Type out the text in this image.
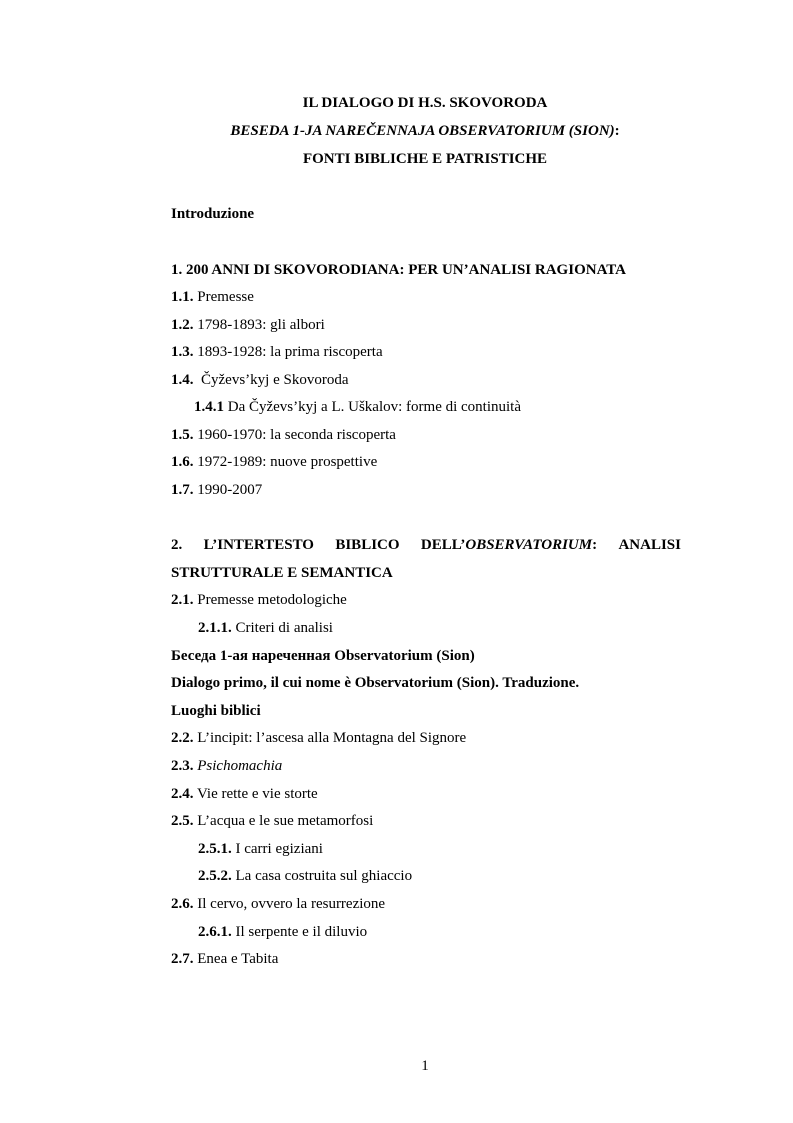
IL DIALOGO DI H.S. SKOVORODA
BESEDA 1-JA NAREČENNAJA OBSERVATORIUM (SION):
FONTI BIBLICHE E PATRISTICHE
Introduzione
1. 200 ANNI DI SKOVORODIANA: PER UN’ANALISI RAGIONATA
1.1. Premesse
1.2. 1798-1893: gli albori
1.3. 1893-1928: la prima riscoperta
1.4.  Čyževs’kyj e Skovoroda
1.4.1 Da Čyževs’kyj a L. Uškalov: forme di continuità
1.5. 1960-1970: la seconda riscoperta
1.6. 1972-1989: nuove prospettive
1.7. 1990-2007
2. L’INTERTESTO BIBLICO DELL’OBSERVATORIUM: ANALISI
STRUTTURALE E SEMANTICA
2.1. Premesse metodologiche
2.1.1. Criteri di analisi
Беседа 1-ая нареченная Observatorium (Sion)
Dialogo primo, il cui nome è Observatorium (Sion). Traduzione.
Luoghi biblici
2.2. L’incipit: l’ascesa alla Montagna del Signore
2.3. Psichomachia
2.4. Vie rette e vie storte
2.5. L’acqua e le sue metamorfosi
2.5.1. I carri egiziani
2.5.2. La casa costruita sul ghiaccio
2.6. Il cervo, ovvero la resurrezione
2.6.1. Il serpente e il diluvio
2.7. Enea e Tabita
1
